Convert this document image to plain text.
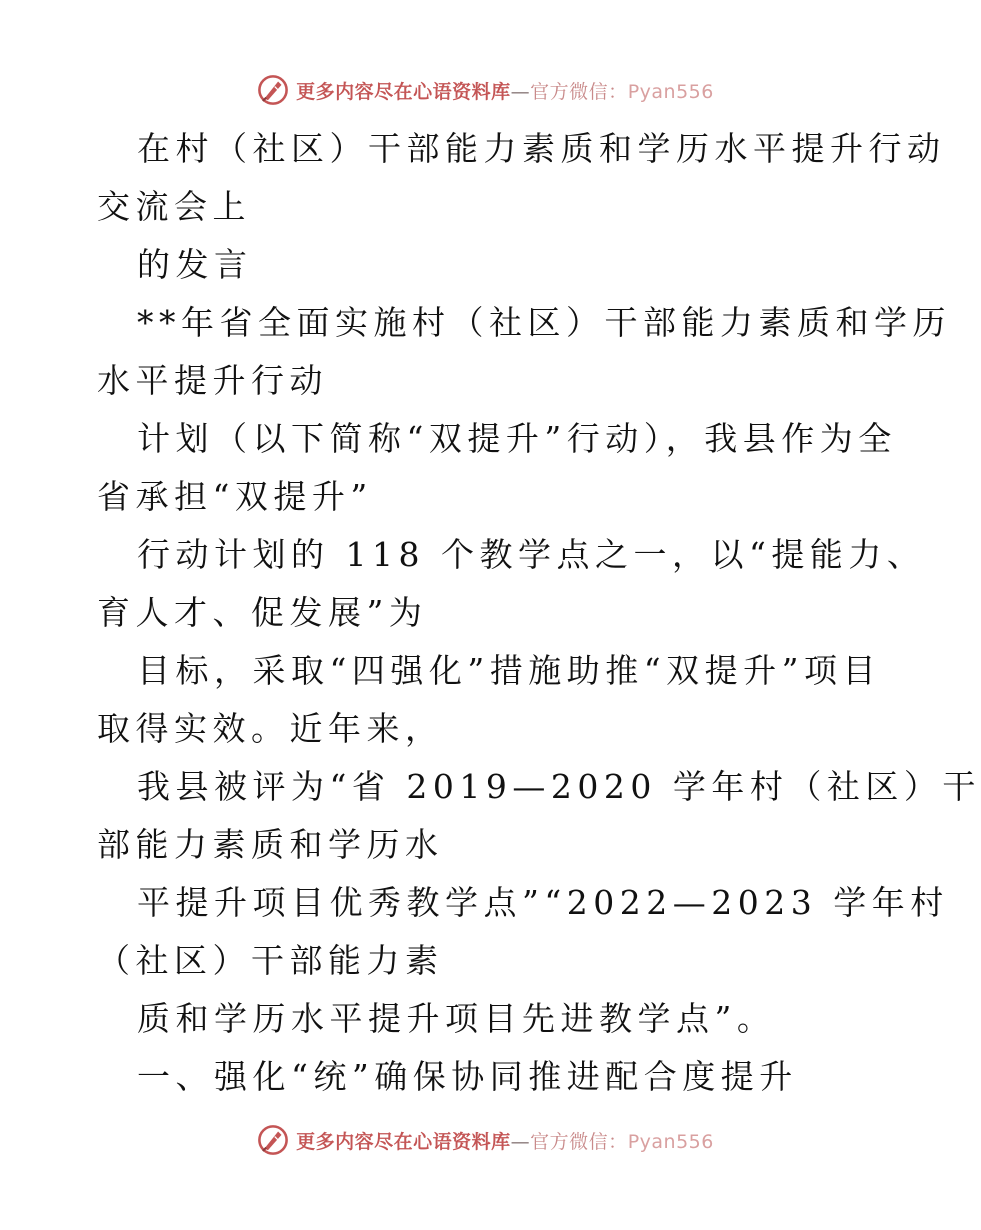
更多内容尽在心语资料库—官方微信：Pyan556
在村（社区）干部能力素质和学历水平提升行动
交流会上
的发言
**年省全面实施村（社区）干部能力素质和学历
水平提升行动
计划（以下简称“双提升”行动），我县作为全
省承担“双提升”
行动计划的 118 个教学点之一，以“提能力、
育人才、促发展”为
目标，采取“四强化”措施助推“双提升”项目
取得实效。近年来，
我县被评为“省 2019—2020 学年村（社区）干
部能力素质和学历水
平提升项目优秀教学点”“2022—2023 学年村
（社区）干部能力素
质和学历水平提升项目先进教学点”。
一、强化“统”确保协同推进配合度提升
更多内容尽在心语资料库—官方微信：Pyan556
